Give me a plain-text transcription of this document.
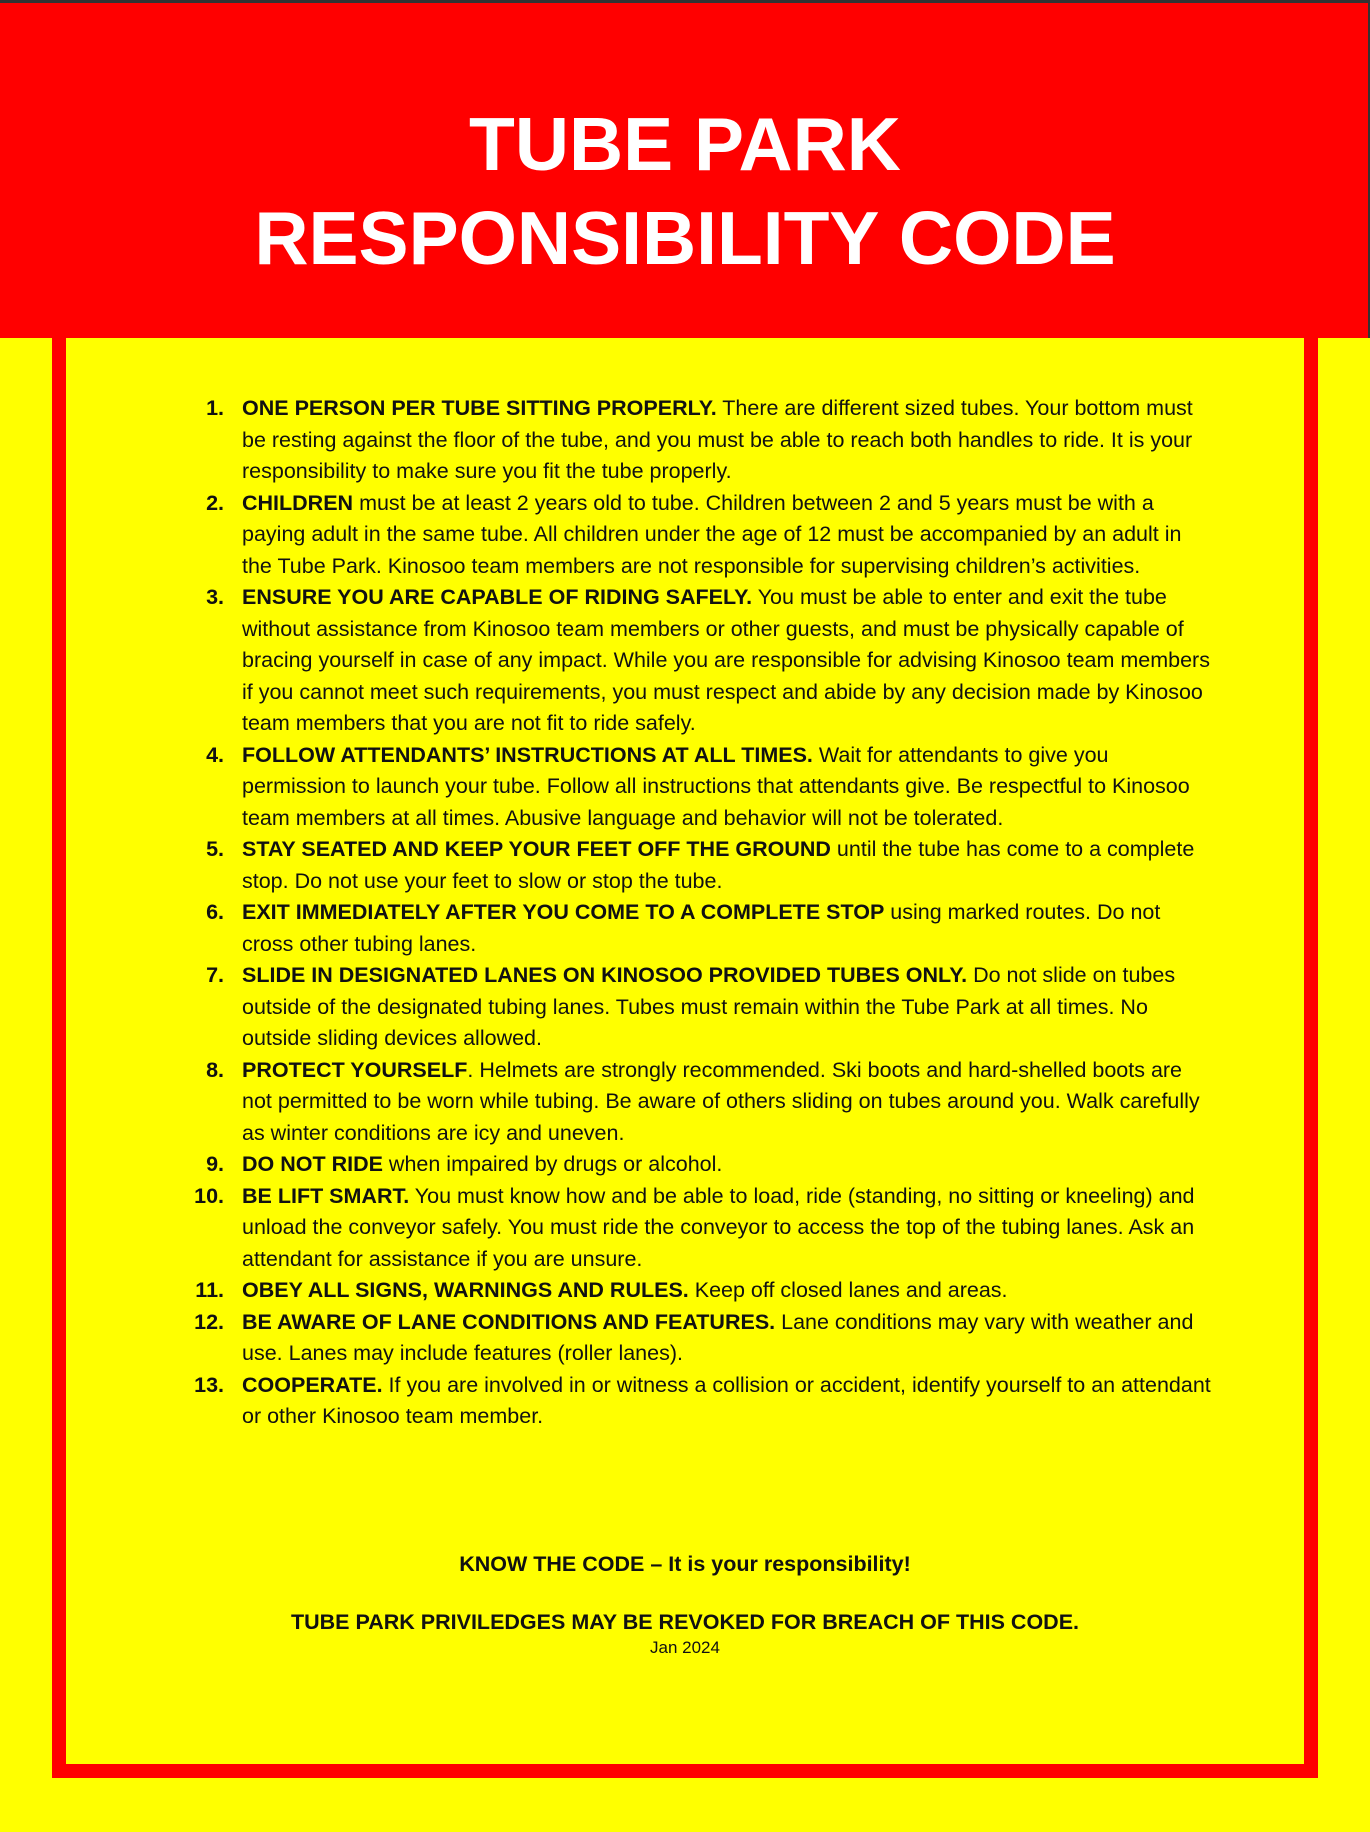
TUBE PARK
RESPONSIBILITY CODE
1. ONE PERSON PER TUBE SITTING PROPERLY. There are different sized tubes. Your bottom must be resting against the floor of the tube, and you must be able to reach both handles to ride. It is your responsibility to make sure you fit the tube properly.
2. CHILDREN must be at least 2 years old to tube. Children between 2 and 5 years must be with a paying adult in the same tube. All children under the age of 12 must be accompanied by an adult in the Tube Park. Kinosoo team members are not responsible for supervising children’s activities.
3. ENSURE YOU ARE CAPABLE OF RIDING SAFELY. You must be able to enter and exit the tube without assistance from Kinosoo team members or other guests, and must be physically capable of bracing yourself in case of any impact. While you are responsible for advising Kinosoo team members if you cannot meet such requirements, you must respect and abide by any decision made by Kinosoo team members that you are not fit to ride safely.
4. FOLLOW ATTENDANTS’ INSTRUCTIONS AT ALL TIMES. Wait for attendants to give you permission to launch your tube. Follow all instructions that attendants give. Be respectful to Kinosoo team members at all times. Abusive language and behavior will not be tolerated.
5. STAY SEATED AND KEEP YOUR FEET OFF THE GROUND until the tube has come to a complete stop. Do not use your feet to slow or stop the tube.
6. EXIT IMMEDIATELY AFTER YOU COME TO A COMPLETE STOP using marked routes. Do not cross other tubing lanes.
7. SLIDE IN DESIGNATED LANES ON KINOSOO PROVIDED TUBES ONLY. Do not slide on tubes outside of the designated tubing lanes. Tubes must remain within the Tube Park at all times. No outside sliding devices allowed.
8. PROTECT YOURSELF. Helmets are strongly recommended. Ski boots and hard-shelled boots are not permitted to be worn while tubing. Be aware of others sliding on tubes around you. Walk carefully as winter conditions are icy and uneven.
9. DO NOT RIDE when impaired by drugs or alcohol.
10. BE LIFT SMART. You must know how and be able to load, ride (standing, no sitting or kneeling) and unload the conveyor safely. You must ride the conveyor to access the top of the tubing lanes. Ask an attendant for assistance if you are unsure.
11. OBEY ALL SIGNS, WARNINGS AND RULES. Keep off closed lanes and areas.
12. BE AWARE OF LANE CONDITIONS AND FEATURES. Lane conditions may vary with weather and use. Lanes may include features (roller lanes).
13. COOPERATE. If you are involved in or witness a collision or accident, identify yourself to an attendant or other Kinosoo team member.
KNOW THE CODE – It is your responsibility!
TUBE PARK PRIVILEDGES MAY BE REVOKED FOR BREACH OF THIS CODE.
Jan 2024
